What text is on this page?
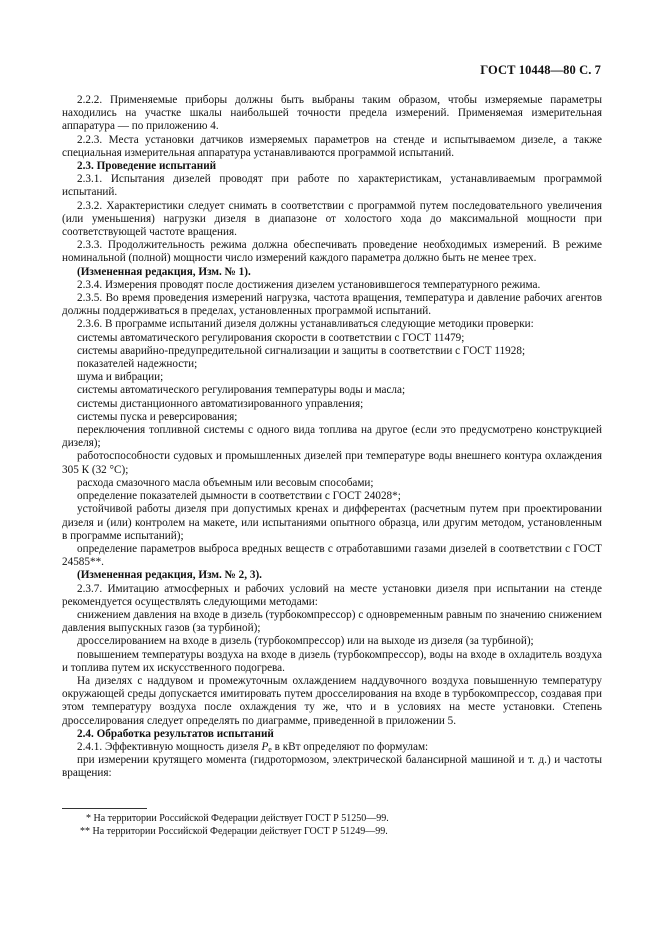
ГОСТ 10448—80 С. 7

2.2.2. Применяемые приборы должны быть выбраны таким образом, чтобы измеряемые параметры находились на участке шкалы наибольшей точности предела измерений. Применяемая измерительная аппаратура — по приложению 4.

2.2.3. Места установки датчиков измеряемых параметров на стенде и испытываемом дизеле, а также специальная измерительная аппаратура устанавливаются программой испытаний.

2.3. Проведение испытаний

2.3.1. Испытания дизелей проводят при работе по характеристикам, устанавливаемым программой испытаний.

2.3.2. Характеристики следует снимать в соответствии с программой путем последовательного увеличения (или уменьшения) нагрузки дизеля в диапазоне от холостого хода до максимальной мощности при соответствующей частоте вращения.

2.3.3. Продолжительность режима должна обеспечивать проведение необходимых измерений. В режиме номинальной (полной) мощности число измерений каждого параметра должно быть не менее трех.

(Измененная редакция, Изм. № 1).

2.3.4. Измерения проводят после достижения дизелем установившегося температурного режима.

2.3.5. Во время проведения измерений нагрузка, частота вращения, температура и давление рабочих агентов должны поддерживаться в пределах, установленных программой испытаний.

2.3.6. В программе испытаний дизеля должны устанавливаться следующие методики проверки:

системы автоматического регулирования скорости в соответствии с ГОСТ 11479;

системы аварийно-предупредительной сигнализации и защиты в соответствии с ГОСТ 11928;

показателей надежности;

шума и вибрации;

системы автоматического регулирования температуры воды и масла;

системы дистанционного автоматизированного управления;

системы пуска и реверсирования;

переключения топливной системы с одного вида топлива на другое (если это предусмотрено конструкцией дизеля);

работоспособности судовых и промышленных дизелей при температуре воды внешнего контура охлаждения 305 К (32 °С);

расхода смазочного масла объемным или весовым способами;

определение показателей дымности в соответствии с ГОСТ 24028*;

устойчивой работы дизеля при допустимых кренах и дифферентах (расчетным путем при проектировании дизеля и (или) контролем на макете, или испытаниями опытного образца, или другим методом, установленным в программе испытаний);

определение параметров выброса вредных веществ с отработавшими газами дизелей в соответствии с ГОСТ 24585**.

(Измененная редакция, Изм. № 2, 3).

2.3.7. Имитацию атмосферных и рабочих условий на месте установки дизеля при испытании на стенде рекомендуется осуществлять следующими методами:

снижением давления на входе в дизель (турбокомпрессор) с одновременным равным по значению снижением давления выпускных газов (за турбиной);

дросселированием на входе в дизель (турбокомпрессор) или на выходе из дизеля (за турбиной);

повышением температуры воздуха на входе в дизель (турбокомпрессор), воды на входе в охладитель воздуха и топлива путем их искусственного подогрева.

На дизелях с наддувом и промежуточным охлаждением наддувочного воздуха повышенную температуру окружающей среды допускается имитировать путем дросселирования на входе в турбокомпрессор, создавая при этом температуру воздуха после охлаждения ту же, что и в условиях на месте установки. Степень дросселирования следует определять по диаграмме, приведенной в приложении 5.

2.4. Обработка результатов испытаний

2.4.1. Эффективную мощность дизеля $P_e$ в кВт определяют по формулам:

при измерении крутящего момента (гидротормозом, электрической балансирной машиной и т. д.) и частоты вращения:

* На территории Российской Федерации действует ГОСТ Р 51250—99.

** На территории Российской Федерации действует ГОСТ Р 51249—99.
